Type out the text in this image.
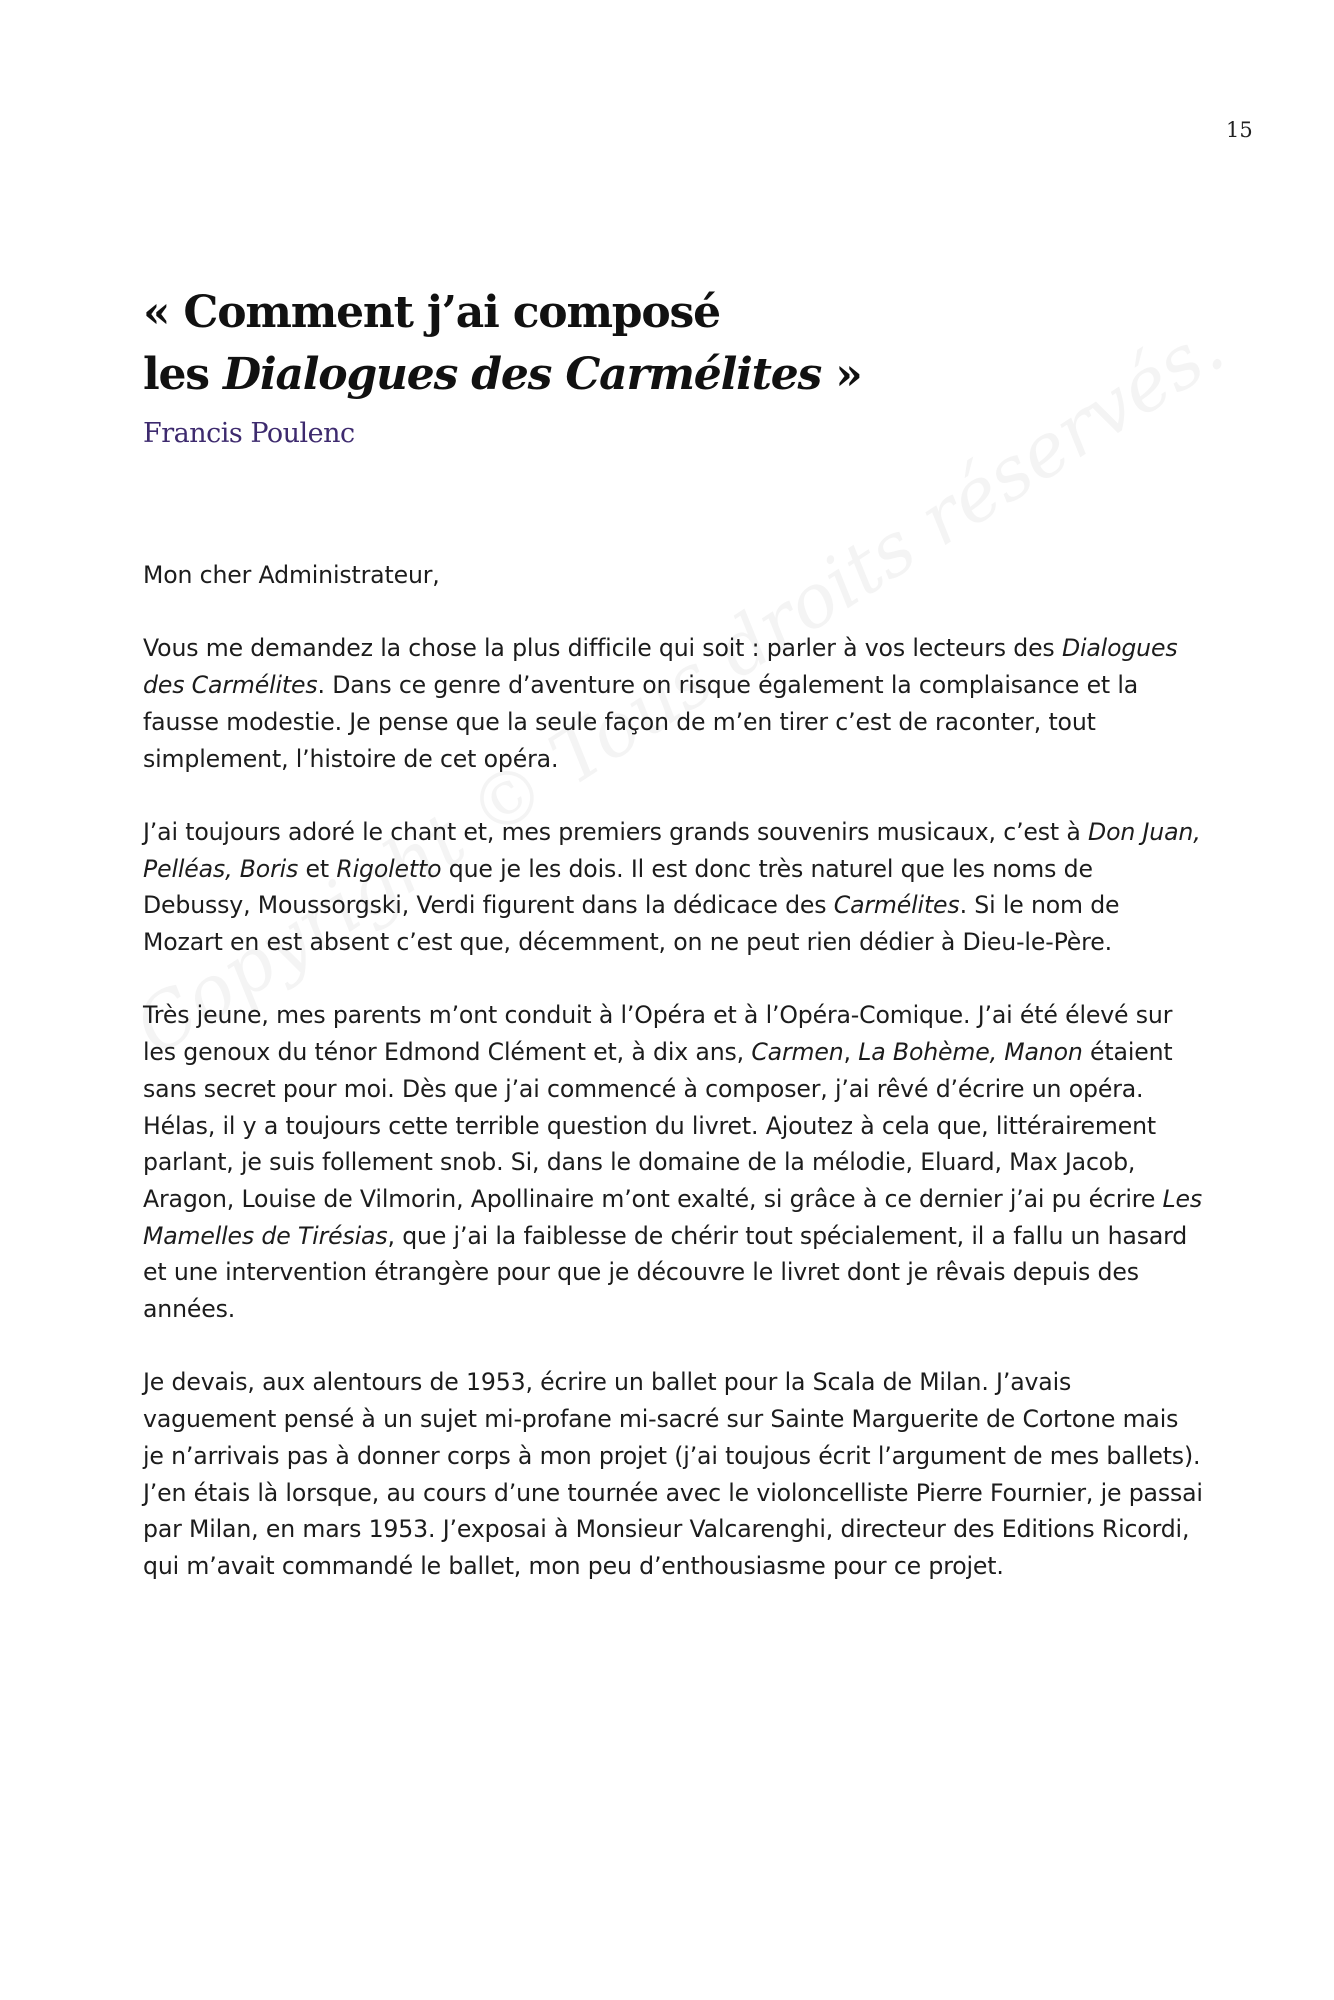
15
« Comment j’ai composé
les Dialogues des Carmélites »
Francis Poulenc

Mon cher Administrateur,

Vous me demandez la chose la plus difficile qui soit : parler à vos lecteurs des Dialogues des Carmélites. Dans ce genre d’aventure on risque également la complaisance et la fausse modestie. Je pense que la seule façon de m’en tirer c’est de raconter, tout simplement, l’histoire de cet opéra.

J’ai toujours adoré le chant et, mes premiers grands souvenirs musicaux, c’est à Don Juan, Pelléas, Boris et Rigoletto que je les dois. Il est donc très naturel que les noms de Debussy, Moussorgski, Verdi figurent dans la dédicace des Carmélites. Si le nom de Mozart en est absent c’est que, décemment, on ne peut rien dédier à Dieu-le-Père.

Très jeune, mes parents m’ont conduit à l’Opéra et à l’Opéra-Comique. J’ai été élevé sur les genoux du ténor Edmond Clément et, à dix ans, Carmen, La Bohème, Manon étaient sans secret pour moi. Dès que j’ai commencé à composer, j’ai rêvé d’écrire un opéra. Hélas, il y a toujours cette terrible question du livret. Ajoutez à cela que, littérairement parlant, je suis follement snob. Si, dans le domaine de la mélodie, Eluard, Max Jacob, Aragon, Louise de Vilmorin, Apollinaire m’ont exalté, si grâce à ce dernier j’ai pu écrire Les Mamelles de Tirésias, que j’ai la faiblesse de chérir tout spécialement, il a fallu un hasard et une intervention étrangère pour que je découvre le livret dont je rêvais depuis des années.

Je devais, aux alentours de 1953, écrire un ballet pour la Scala de Milan. J’avais vaguement pensé à un sujet mi-profane mi-sacré sur Sainte Marguerite de Cortone mais je n’arrivais pas à donner corps à mon projet (j’ai toujous écrit l’argument de mes ballets). J’en étais là lorsque, au cours d’une tournée avec le violoncelliste Pierre Fournier, je passai par Milan, en mars 1953. J’exposai à Monsieur Valcarenghi, directeur des Editions Ricordi, qui m’avait commandé le ballet, mon peu d’enthousiasme pour ce projet.
